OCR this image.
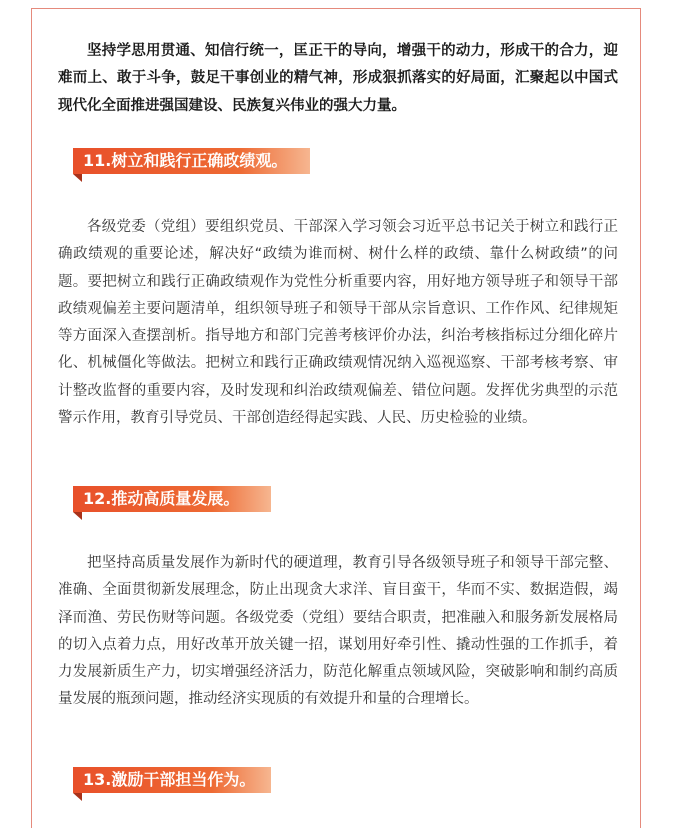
坚持学思用贯通、知信行统一，匡正干的导向，增强干的动力，形成干的合力，迎难而上、敢于斗争，鼓足干事创业的精气神，形成狠抓落实的好局面，汇聚起以中国式现代化全面推进强国建设、民族复兴伟业的强大力量。

11.树立和践行正确政绩观。

各级党委（党组）要组织党员、干部深入学习领会习近平总书记关于树立和践行正确政绩观的重要论述，解决好“政绩为谁而树、树什么样的政绩、靠什么树政绩”的问题。要把树立和践行正确政绩观作为党性分析重要内容，用好地方领导班子和领导干部政绩观偏差主要问题清单，组织领导班子和领导干部从宗旨意识、工作作风、纪律规矩等方面深入查摆剖析。指导地方和部门完善考核评价办法，纠治考核指标过分细化碎片化、机械僵化等做法。把树立和践行正确政绩观情况纳入巡视巡察、干部考核考察、审计整改监督的重要内容，及时发现和纠治政绩观偏差、错位问题。发挥优劣典型的示范警示作用，教育引导党员、干部创造经得起实践、人民、历史检验的业绩。

12.推动高质量发展。

把坚持高质量发展作为新时代的硬道理，教育引导各级领导班子和领导干部完整、准确、全面贯彻新发展理念，防止出现贪大求洋、盲目蛮干，华而不实、数据造假，竭泽而渔、劳民伤财等问题。各级党委（党组）要结合职责，把准融入和服务新发展格局的切入点着力点，用好改革开放关键一招，谋划用好牵引性、撬动性强的工作抓手，着力发展新质生产力，切实增强经济活力，防范化解重点领域风险，突破影响和制约高质量发展的瓶颈问题，推动经济实现质的有效提升和量的合理增长。

13.激励干部担当作为。
